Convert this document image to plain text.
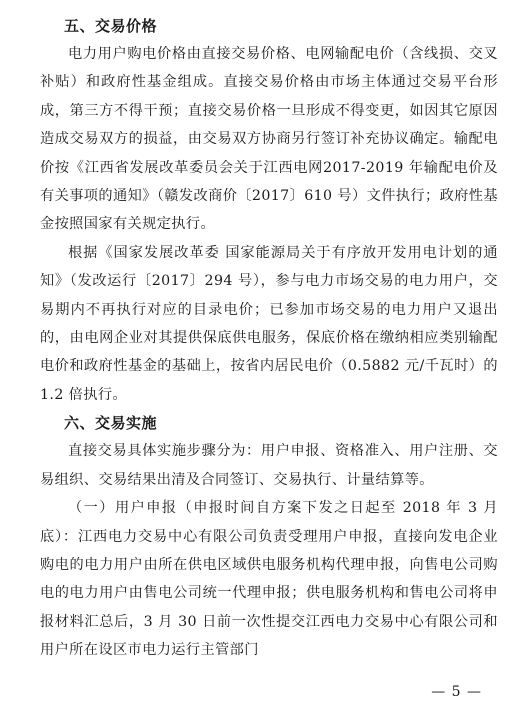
五、交易价格

电力用户购电价格由直接交易价格、电网输配电价（含线损、交叉补贴）和政府性基金组成。直接交易价格由市场主体通过交易平台形成，第三方不得干预；直接交易价格一旦形成不得变更，如因其它原因造成交易双方的损益，由交易双方协商另行签订补充协议确定。输配电价按《江西省发展改革委员会关于江西电网2017-2019 年输配电价及有关事项的通知》（赣发改商价〔2017〕610 号）文件执行；政府性基金按照国家有关规定执行。

根据《国家发展改革委 国家能源局关于有序放开发用电计划的通知》（发改运行〔2017〕294 号），参与电力市场交易的电力用户，交易期内不再执行对应的目录电价；已参加市场交易的电力用户又退出的，由电网企业对其提供保底供电服务，保底价格在缴纳相应类别输配电价和政府性基金的基础上，按省内居民电价（0.5882 元/千瓦时）的 1.2 倍执行。

六、交易实施

直接交易具体实施步骤分为：用户申报、资格准入、用户注册、交易组织、交易结果出清及合同签订、交易执行、计量结算等。

（一）用户申报（申报时间自方案下发之日起至 2018 年 3 月底）：江西电力交易中心有限公司负责受理用户申报，直接向发电企业购电的电力用户由所在供电区域供电服务机构代理申报，向售电公司购电的电力用户由售电公司统一代理申报；供电服务机构和售电公司将申报材料汇总后，3 月 30 日前一次性提交江西电力交易中心有限公司和用户所在设区市电力运行主管部门

— 5 —
